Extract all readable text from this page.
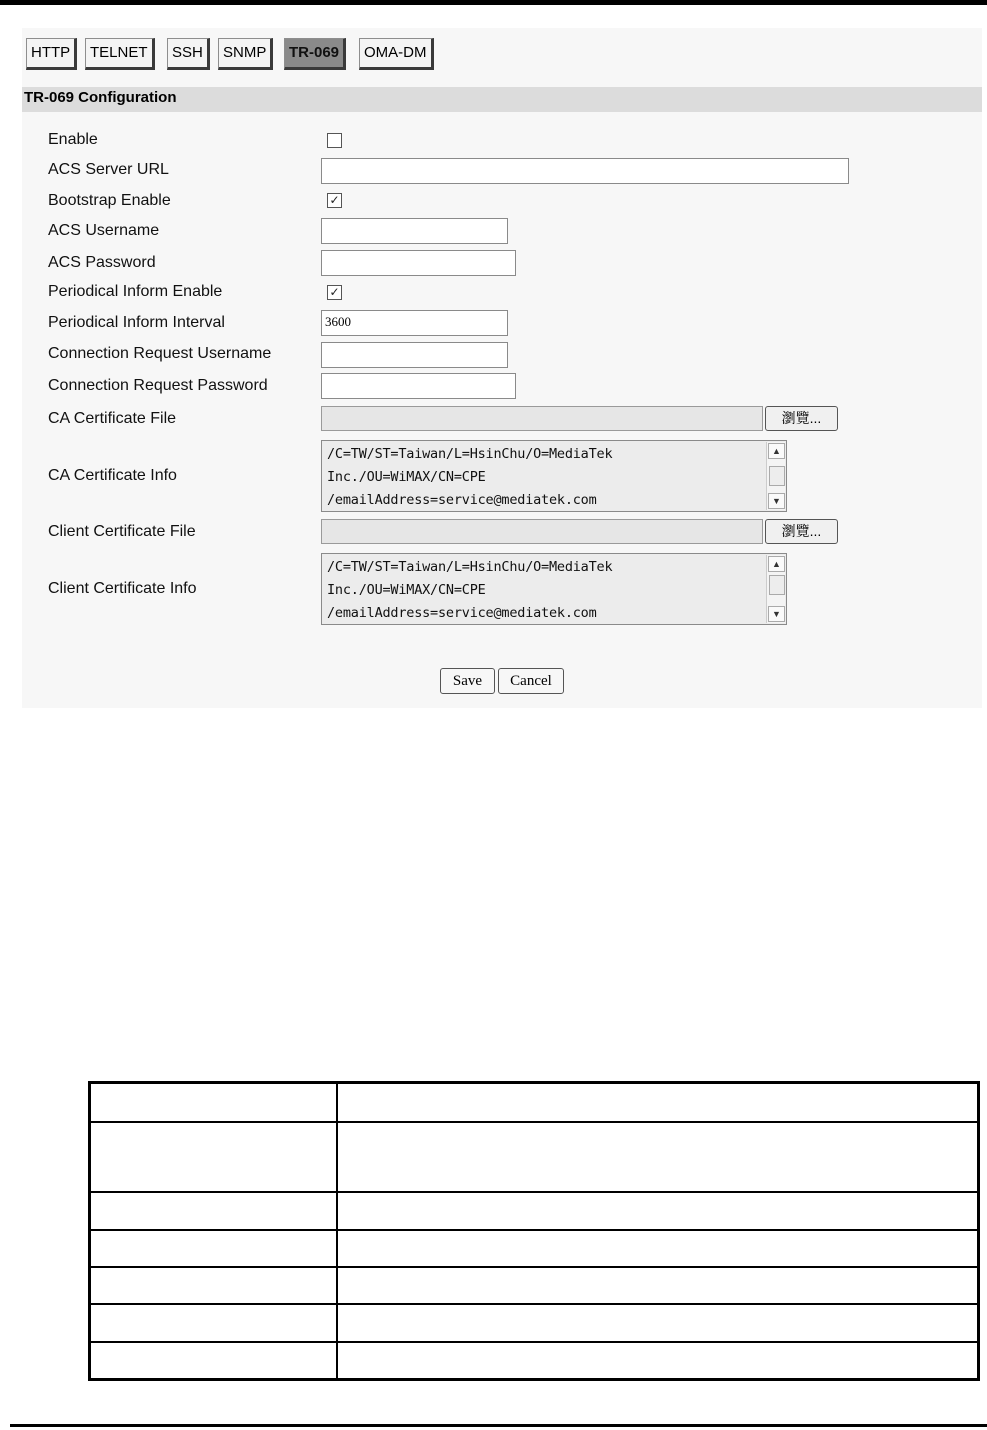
HTTP	TELNET	SSH	SNMP	TR-069	OMA-DM
TR-069 Configuration
Enable
ACS Server URL
Bootstrap Enable	✓
ACS Username
ACS Password
Periodical Inform Enable	✓
Periodical Inform Interval	3600
Connection Request Username
Connection Request Password
CA Certificate File	瀏覽...
CA Certificate Info
/C=TW/ST=Taiwan/L=HsinChu/O=MediaTek
Inc./OU=WiMAX/CN=CPE
/emailAddress=service@mediatek.com
▲
▼
Client Certificate File	瀏覽...
Client Certificate Info
/C=TW/ST=Taiwan/L=HsinChu/O=MediaTek
Inc./OU=WiMAX/CN=CPE
/emailAddress=service@mediatek.com
▲
▼
Save	Cancel
